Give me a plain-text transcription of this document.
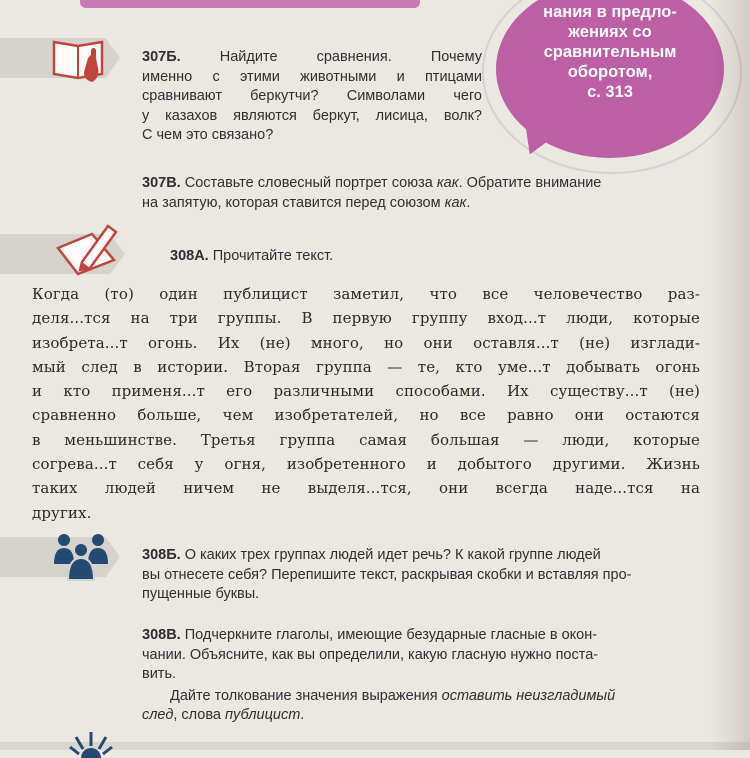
нания в предло-
жениях со
сравнительным
оборотом,
с. 313
307Б.	Найдите сравнения. Почему
именно с этими животными и птицами
сравнивают беркутчи? Символами чего
у казахов являются беркут, лисица, волк?
С чем это связано?
307В. Составьте словесный портрет союза как. Обратите внимание
на запятую, которая ставится перед союзом как.
308А. Прочитайте текст.
Когда (то) один публицист заметил, что все человечество раз-
деля...тся на три группы. В первую группу вход...т люди, которые
изобрета...т огонь. Их (не) много, но они оставля...т (не) изглади-
мый след в истории. Вторая группа — те, кто уме...т добывать огонь
и кто применя...т его различными способами. Их существу...т (не)
сравненно больше, чем изобретателей, но все равно они остаются
в меньшинстве. Третья группа самая большая — люди, которые
согрева...т себя у огня, изобретенного и добытого другими. Жизнь
таких людей ничем не выделя...тся, они всегда наде...тся на
других.
308Б. О каких трех группах людей идет речь? К какой группе людей
вы отнесете себя? Перепишите текст, раскрывая скобки и вставляя про-
пущенные буквы.
308В. Подчеркните глаголы, имеющие безударные гласные в окон-
чании. Объясните, как вы определили, какую гласную нужно поста-
вить.
Дайте толкование значения выражения оставить неизгладимый
след, слова публицист.
